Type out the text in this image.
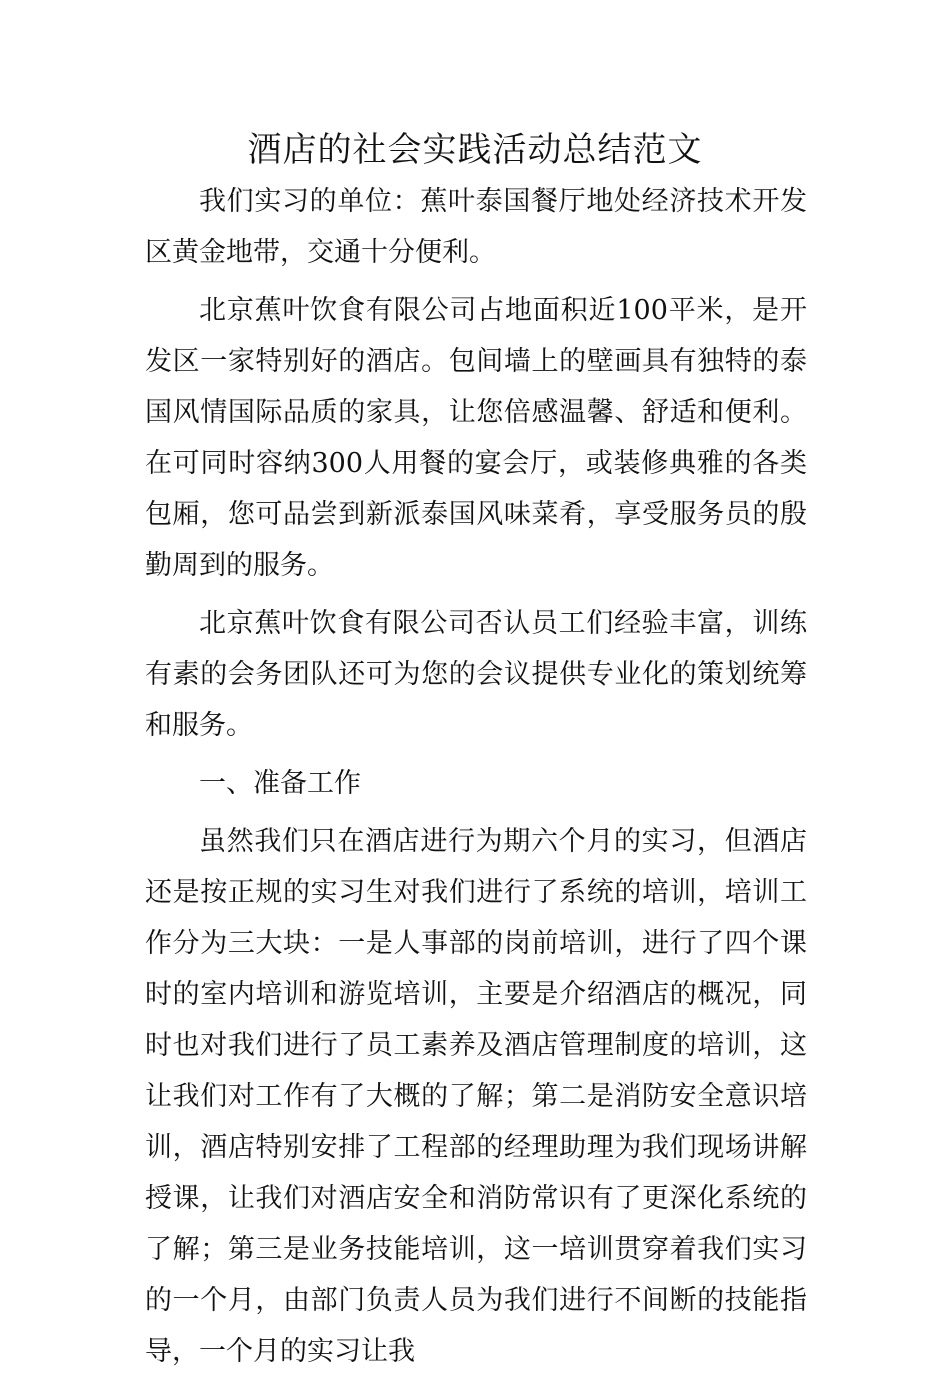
酒店的社会实践活动总结范文

我们实习的单位：蕉叶泰国餐厅地处经济技术开发区黄金地带，交通十分便利。

北京蕉叶饮食有限公司占地面积近100平米，是开发区一家特别好的酒店。包间墙上的壁画具有独特的泰国风情国际品质的家具，让您倍感温馨、舒适和便利。在可同时容纳300人用餐的宴会厅，或装修典雅的各类包厢，您可品尝到新派泰国风味菜肴，享受服务员的殷勤周到的服务。

北京蕉叶饮食有限公司否认员工们经验丰富，训练有素的会务团队还可为您的会议提供专业化的策划统筹和服务。

一、准备工作

虽然我们只在酒店进行为期六个月的实习，但酒店还是按正规的实习生对我们进行了系统的培训，培训工作分为三大块：一是人事部的岗前培训，进行了四个课时的室内培训和游览培训，主要是介绍酒店的概况，同时也对我们进行了员工素养及酒店管理制度的培训，这让我们对工作有了大概的了解；第二是消防安全意识培训，酒店特别安排了工程部的经理助理为我们现场讲解授课，让我们对酒店安全和消防常识有了更深化系统的了解；第三是业务技能培训，这一培训贯穿着我们实习的一个月，由部门负责人员为我们进行不间断的技能指导，一个月的实习让我
